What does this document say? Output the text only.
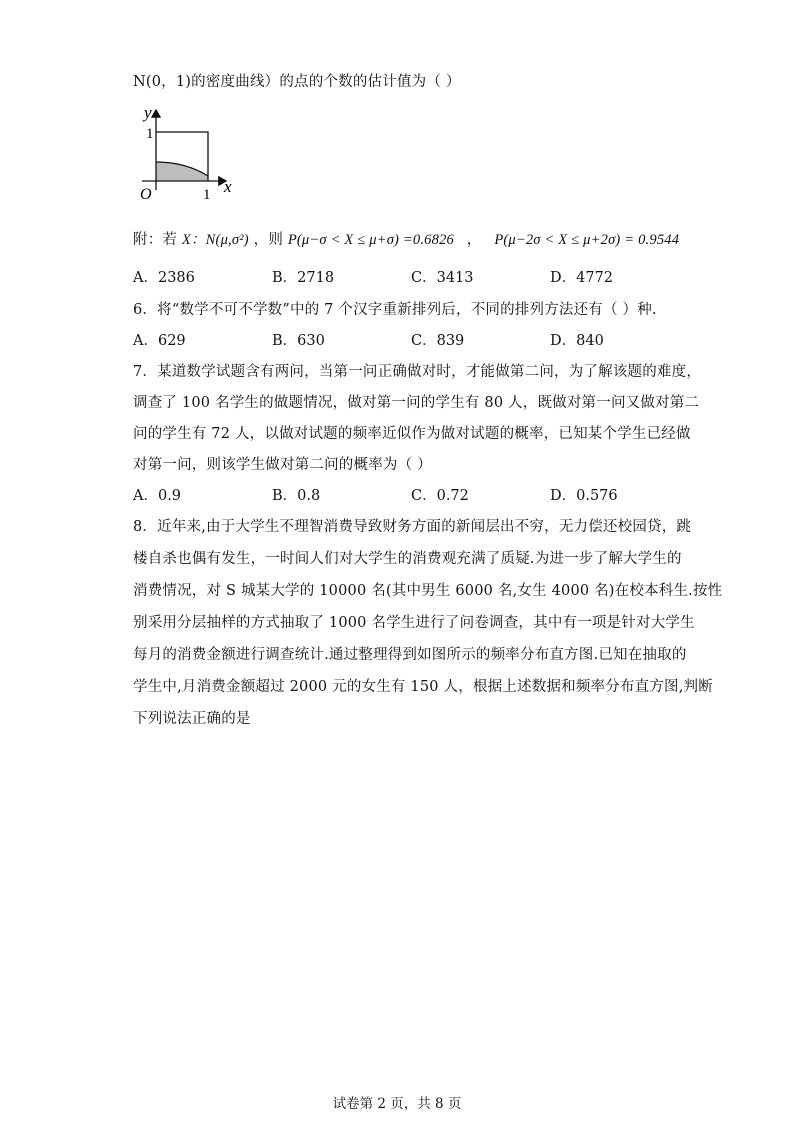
N(0，1)的密度曲线）的点的个数的估计值为（ ）
y
1
O	1 x
附：若 X：N(μ,σ²) ，则 P(μ−σ < X ≤ μ+σ) =0.6826 ， P(μ−2σ < X ≤ μ+2σ) = 0.9544
A．2386	B．2718	C．3413	D．4772
6．将“数学不可不学数”中的 7 个汉字重新排列后，不同的排列方法还有（ ）种.
A．629	B．630	C．839	D．840
7．某道数学试题含有两问，当第一问正确做对时，才能做第二问，为了解该题的难度，
调查了 100 名学生的做题情况，做对第一问的学生有 80 人，既做对第一问又做对第二
问的学生有 72 人，以做对试题的频率近似作为做对试题的概率，已知某个学生已经做
对第一问，则该学生做对第二问的概率为（ ）
A．0.9	B．0.8	C．0.72	D．0.576
8．近年来,由于大学生不理智消费导致财务方面的新闻层出不穷，无力偿还校园贷，跳
楼自杀也偶有发生，一时间人们对大学生的消费观充满了质疑.为进一步了解大学生的
消费情况，对 S 城某大学的 10000 名(其中男生 6000 名,女生 4000 名)在校本科生.按性
别采用分层抽样的方式抽取了 1000 名学生进行了问卷调查，其中有一项是针对大学生
每月的消费金额进行调查统计.通过整理得到如图所示的频率分布直方图.已知在抽取的
学生中,月消费金额超过 2000 元的女生有 150 人，根据上述数据和频率分布直方图,判断
下列说法正确的是
试卷第 2 页，共 8 页
